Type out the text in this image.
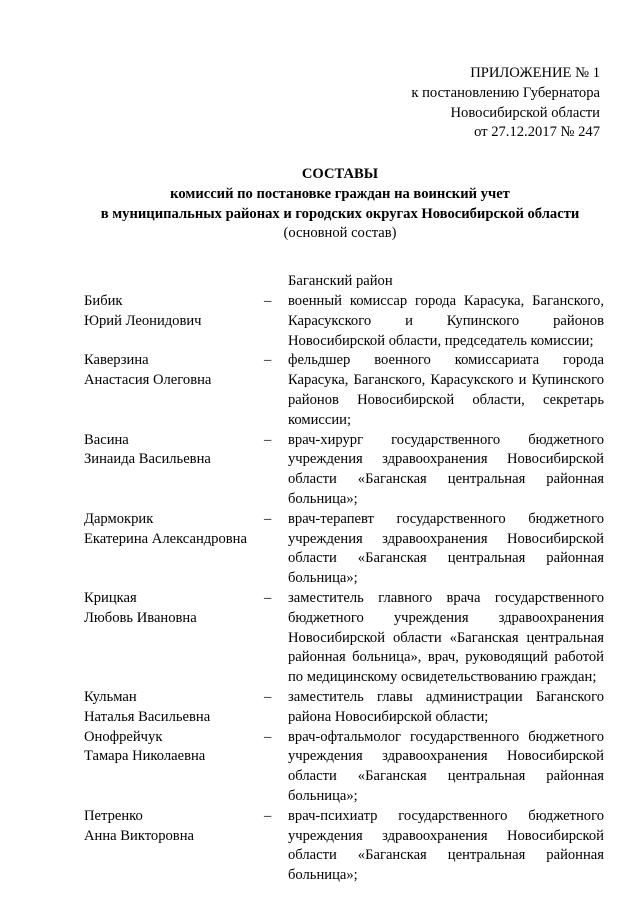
ПРИЛОЖЕНИЕ № 1
к постановлению Губернатора
Новосибирской области
от 27.12.2017 № 247
СОСТАВЫ
комиссий по постановке граждан на воинский учет
в муниципальных районах и городских округах Новосибирской области
(основной состав)
Баганский район
Бибик
Юрий Леонидович
–	военный комиссар города Карасука, Баганского, Карасукского и Купинского районов Новосибирской области, председатель комиссии;
Каверзина
Анастасия Олеговна
–	фельдшер военного комиссариата города Карасука, Баганского, Карасукского и Купинского районов Новосибирской области, секретарь комиссии;
Васина
Зинаида Васильевна
–	врач-хирург государственного бюджетного учреждения здравоохранения Новосибирской области «Баганская центральная районная больница»;
Дармокрик
Екатерина Александровна
–	врач-терапевт государственного бюджетного учреждения здравоохранения Новосибирской области «Баганская центральная районная больница»;
Крицкая
Любовь Ивановна
–	заместитель главного врача государственного бюджетного учреждения здравоохранения Новосибирской области «Баганская центральная районная больница», врач, руководящий работой по медицинскому освидетельствованию граждан;
Кульман
Наталья Васильевна
–	заместитель главы администрации Баганского района Новосибирской области;
Онофрейчук
Тамара Николаевна
–	врач-офтальмолог государственного бюджетного учреждения здравоохранения Новосибирской области «Баганская центральная районная больница»;
Петренко
Анна Викторовна
–	врач-психиатр государственного бюджетного учреждения здравоохранения Новосибирской области «Баганская центральная районная больница»;
